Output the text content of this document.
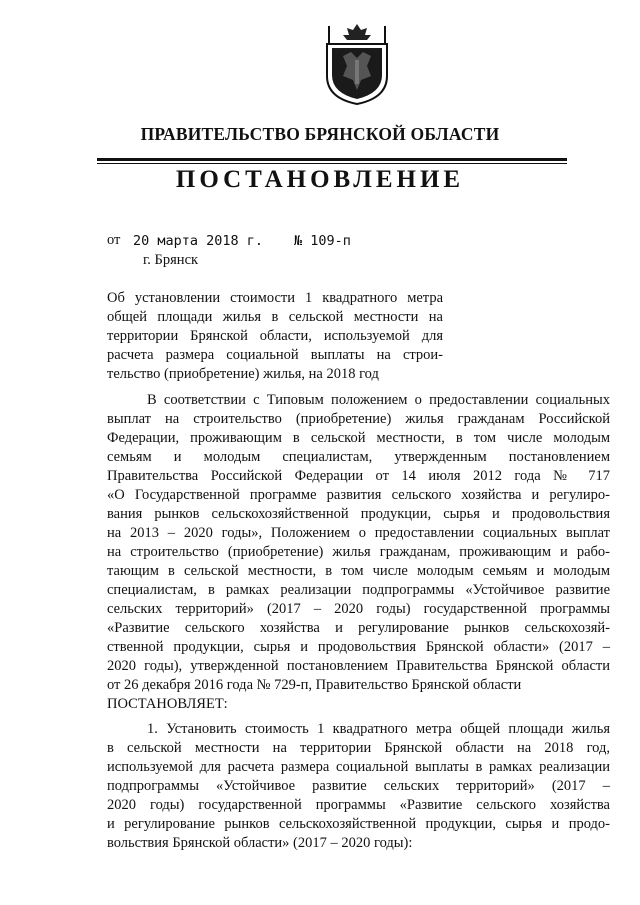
ПРАВИТЕЛЬСТВО БРЯНСКОЙ ОБЛАСТИ
ПОСТАНОВЛЕНИЕ
от 20 марта 2018 г. № 109-п
г. Брянск
Об установлении стоимости 1 квадратного метра
общей площади жилья в сельской местности на
территории Брянской области, используемой для
расчета размера социальной выплаты на строи-
тельство (приобретение) жилья, на 2018 год
В соответствии с Типовым положением о предоставлении социальных
выплат на строительство (приобретение) жилья гражданам Российской
Федерации, проживающим в сельской местности, в том числе молодым
семьям и молодым специалистам, утвержденным постановлением
Правительства Российской Федерации от 14 июля 2012 года № 717
«О Государственной программе развития сельского хозяйства и регулиро-
вания рынков сельскохозяйственной продукции, сырья и продовольствия
на 2013 – 2020 годы», Положением о предоставлении социальных выплат
на строительство (приобретение) жилья гражданам, проживающим и рабо-
тающим в сельской местности, в том числе молодым семьям и молодым
специалистам, в рамках реализации подпрограммы «Устойчивое развитие
сельских территорий» (2017 – 2020 годы) государственной программы
«Развитие сельского хозяйства и регулирование рынков сельскохозяй-
ственной продукции, сырья и продовольствия Брянской области» (2017 –
2020 годы), утвержденной постановлением Правительства Брянской области
от 26 декабря 2016 года № 729-п, Правительство Брянской области
ПОСТАНОВЛЯЕТ:
1. Установить стоимость 1 квадратного метра общей площади жилья
в сельской местности на территории Брянской области на 2018 год,
используемой для расчета размера социальной выплаты в рамках реализации
подпрограммы «Устойчивое развитие сельских территорий» (2017 –
2020 годы) государственной программы «Развитие сельского хозяйства
и регулирование рынков сельскохозяйственной продукции, сырья и продо-
вольствия Брянской области» (2017 – 2020 годы):
